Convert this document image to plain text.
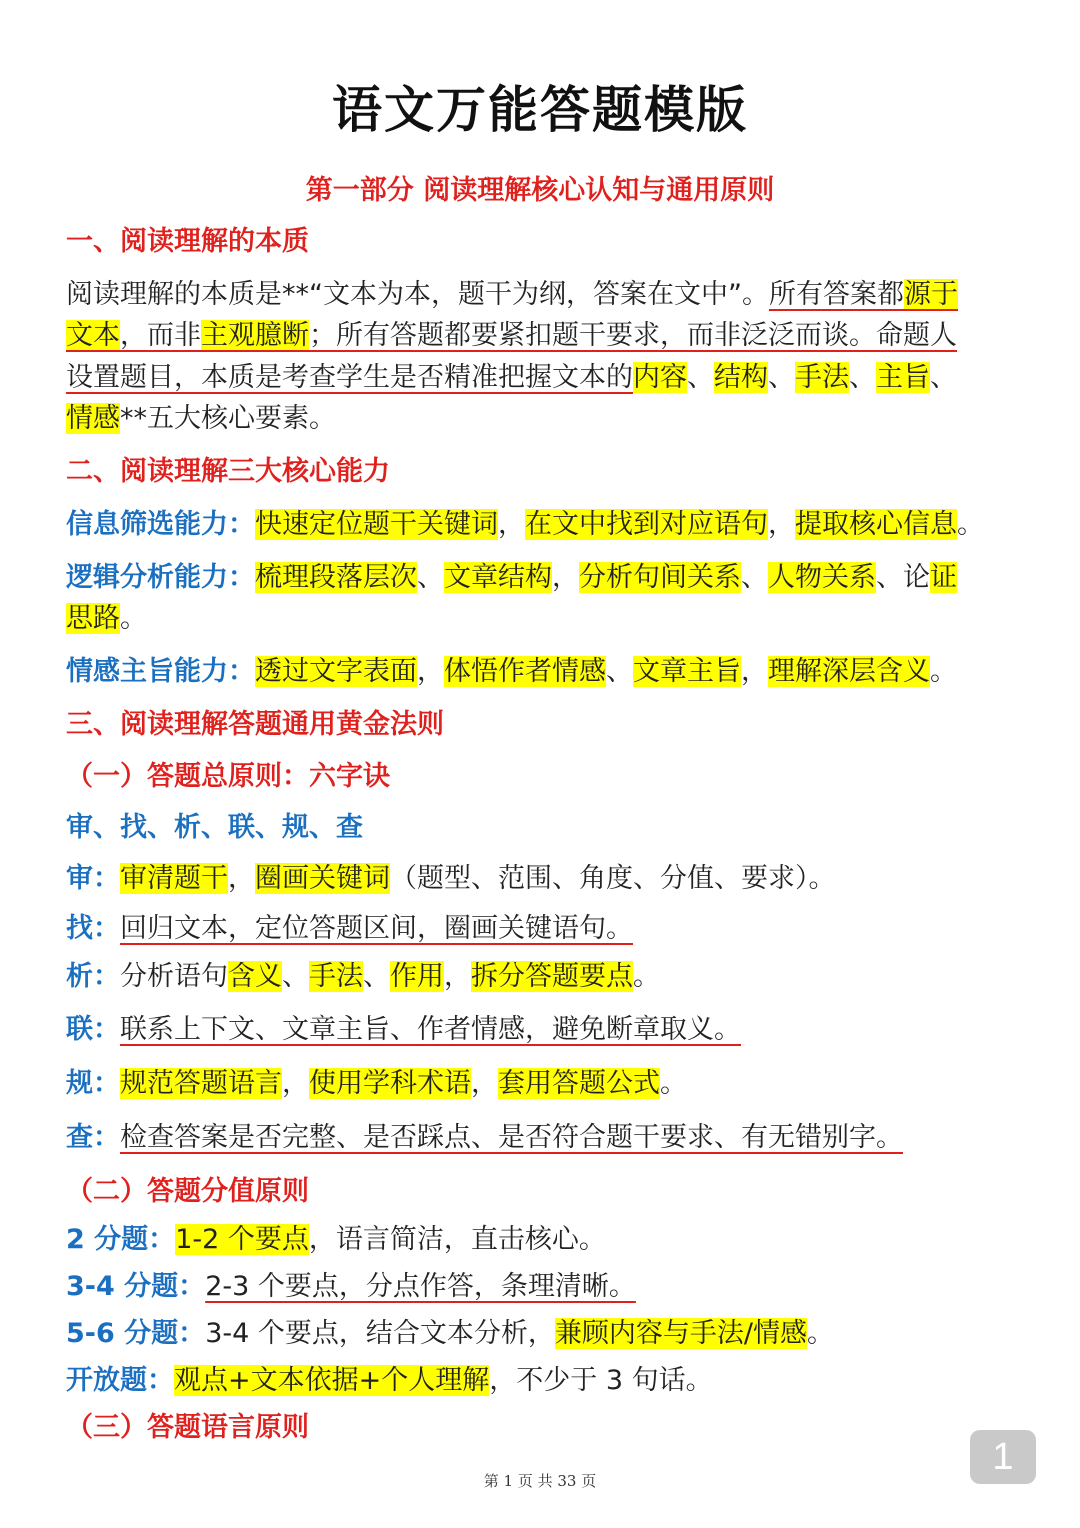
语文万能答题模版
第一部分 阅读理解核心认知与通用原则
一、阅读理解的本质
阅读理解的本质是**“文本为本，题干为纲，答案在文中”。所有答案都源于
文本，而非主观臆断；所有答题都要紧扣题干要求，而非泛泛而谈。命题人
设置题目，本质是考查学生是否精准把握文本的内容、结构、手法、主旨、
情感**五大核心要素。
二、阅读理解三大核心能力
信息筛选能力：快速定位题干关键词，在文中找到对应语句，提取核心信息。
逻辑分析能力：梳理段落层次、文章结构，分析句间关系、人物关系、论证
思路。
情感主旨能力：透过文字表面，体悟作者情感、文章主旨，理解深层含义。
三、阅读理解答题通用黄金法则
（一）答题总原则：六字诀
审、找、析、联、规、查
审：审清题干，圈画关键词（题型、范围、角度、分值、要求）。
找：回归文本，定位答题区间，圈画关键语句。
析：分析语句含义、手法、作用，拆分答题要点。
联：联系上下文、文章主旨、作者情感，避免断章取义。
规：规范答题语言，使用学科术语，套用答题公式。
查：检查答案是否完整、是否踩点、是否符合题干要求、有无错别字。
（二）答题分值原则
2 分题：1-2 个要点，语言简洁，直击核心。
3-4 分题：2-3 个要点，分点作答，条理清晰。
5-6 分题：3-4 个要点，结合文本分析，兼顾内容与手法/情感。
开放题：观点+文本依据+个人理解，不少于 3 句话。
（三）答题语言原则
第 1 页 共 33 页
1
